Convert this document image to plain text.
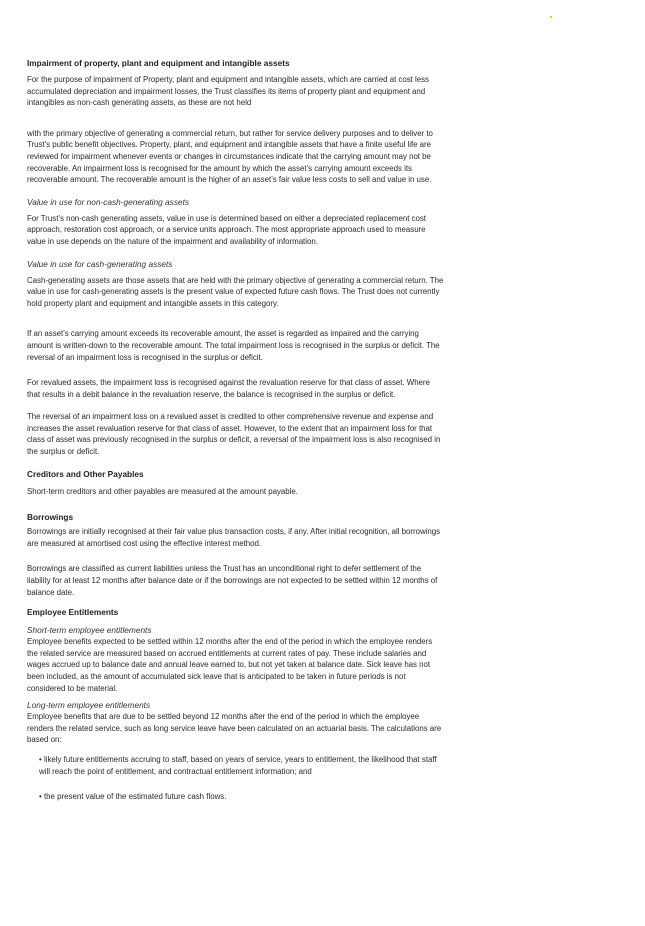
Impairment of property, plant and equipment and intangible assets

For the purpose of impairment of Property, plant and equipment and intangible assets, which are carried at cost less accumulated depreciation and impairment losses, the Trust classifies its items of property plant and equipment and intangibles as non-cash generating assets, as these are not held

with the primary objective of generating a commercial return, but rather for service delivery purposes and to deliver to Trust’s public benefit objectives. Property, plant, and equipment and intangible assets that have a finite useful life are reviewed for impairment whenever events or changes in circumstances indicate that the carrying amount may not be recoverable. An impairment loss is recognised for the amount by which the asset’s carrying amount exceeds its recoverable amount. The recoverable amount is the higher of an asset’s fair value less costs to sell and value in use.

Value in use for non-cash-generating assets

For Trust’s non-cash generating assets, value in use is determined based on either a depreciated replacement cost approach, restoration cost approach, or a service units approach. The most appropriate approach used to measure value in use depends on the nature of the impairment and availability of information.

Value in use for cash-generating assets

Cash-generating assets are those assets that are held with the primary objective of generating a commercial return. The value in use for cash-generating assets is the present value of expected future cash flows. The Trust does not currently hold property plant and equipment and intangible assets in this category.

If an asset’s carrying amount exceeds its recoverable amount, the asset is regarded as impaired and the carrying amount is written-down to the recoverable amount. The total impairment loss is recognised in the surplus or deficit. The reversal of an impairment loss is recognised in the surplus or deficit.

For revalued assets, the impairment loss is recognised against the revaluation reserve for that class of asset. Where that results in a debit balance in the revaluation reserve, the balance is recognised in the surplus or deficit.

The reversal of an impairment loss on a revalued asset is credited to other comprehensive revenue and expense and increases the asset revaluation reserve for that class of asset. However, to the extent that an impairment loss for that class of asset was previously recognised in the surplus or deficit, a reversal of the impairment loss is also recognised in the surplus or deficit.

Creditors and Other Payables

Short-term creditors and other payables are measured at the amount payable.

Borrowings

Borrowings are initially recognised at their fair value plus transaction costs, if any. After initial recognition, all borrowings are measured at amortised cost using the effective interest method.

Borrowings are classified as current liabilities unless the Trust has an unconditional right to defer settlement of the liability for at least 12 months after balance date or if the borrowings are not expected to be settled within 12 months of balance date.

Employee Entitlements

Short-term employee entitlements

Employee benefits expected to be settled within 12 months after the end of the period in which the employee renders the related service are measured based on accrued entitlements at current rates of pay. These include salaries and wages accrued up to balance date and annual leave earned to, but not yet taken at balance date. Sick leave has not been included, as the amount of accumulated sick leave that is anticipated to be taken in future periods is not considered to be material.

Long-term employee entitlements

Employee benefits that are due to be settled beyond 12 months after the end of the period in which the employee renders the related service, such as long service leave have been calculated on an actuarial basis. The calculations are based on:

• likely future entitlements accruing to staff, based on years of service, years to entitlement, the likelihood that staff will reach the point of entitlement, and contractual entitlement information; and

• the present value of the estimated future cash flows.
